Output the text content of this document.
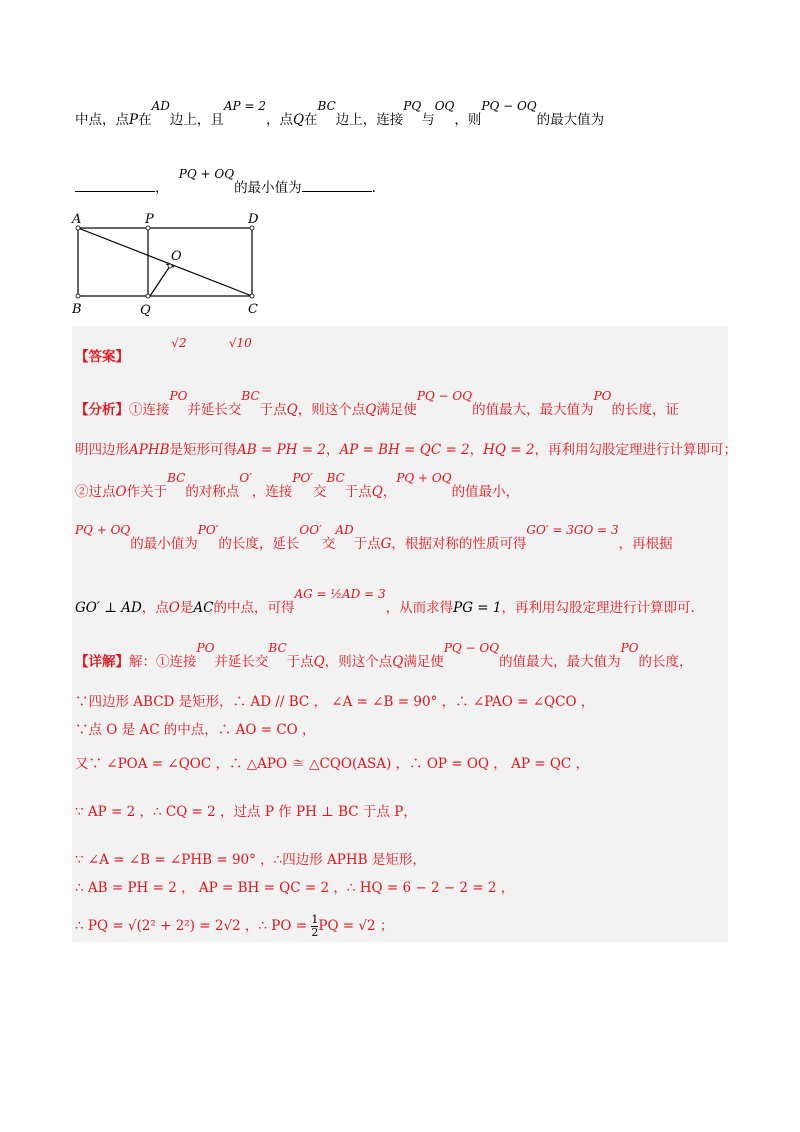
中点，点P在AD边上，且AP = 2，点Q在BC边上，连接PQ与OQ，则PQ − OQ的最大值为
， PQ + OQ的最小值为	.
A	P	D
O
B	Q	C
【答案】 √2	√10
【分析】①连接PO并延长交BC于点Q，则这个点Q满足使PQ − OQ的值最大，最大值为PO的长度，证
明四边形APHB是矩形可得AB = PH = 2，AP = BH = QC = 2，HQ = 2，再利用勾股定理进行计算即可；
②过点O作关于BC的对称点O′，连接PO′交BC于点Q，PQ + OQ的值最小，
PQ + OQ的最小值为PO′的长度，延长OO′交AD于点G，根据对称的性质可得GO′ = 3GO = 3，再根据
GO′ ⊥ AD，点O是AC的中点，可得AG = ½AD = 3，从而求得PG = 1，再利用勾股定理进行计算即可.
【详解】解：①连接PO并延长交BC于点Q，则这个点Q满足使PQ − OQ的值最大，最大值为PO的长度，
∵四边形 ABCD 是矩形，∴ AD // BC ， ∠A = ∠B = 90° ，∴ ∠PAO = ∠QCO ，
∵点 O 是 AC 的中点，∴ AO = CO ，
又∵ ∠POA = ∠QOC ，∴ △APO ≅ △CQO(ASA) ，∴ OP = OQ ， AP = QC ，
∵ AP = 2 ，∴ CQ = 2 ，过点 P 作 PH ⊥ BC 于点 P，
∵ ∠A = ∠B = ∠PHB = 90° ，∴四边形 APHB 是矩形，
∴ AB = PH = 2 ， AP = BH = QC = 2 ，∴ HQ = 6 − 2 − 2 = 2 ，
∴ PQ = √(2² + 2²) = 2√2 ，∴ PO = $\frac{1}{2}$ PQ = √2 ；
